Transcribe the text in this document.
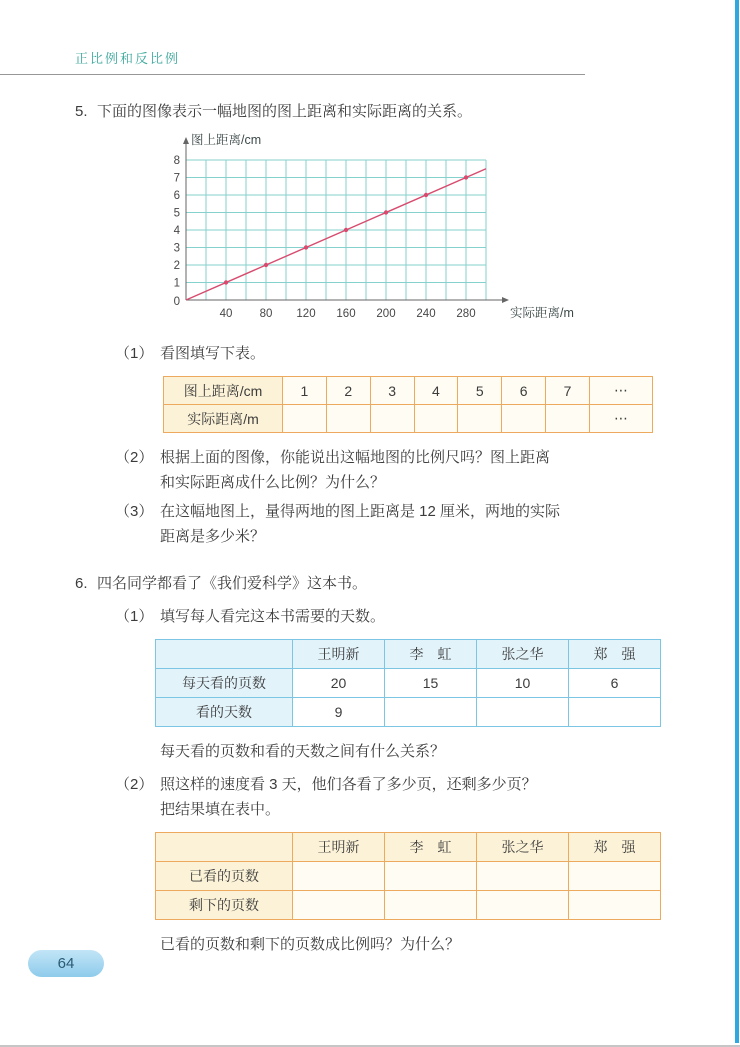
正比例和反比例
5. 下面的图像表示一幅地图的图上距离和实际距离的关系。
0
1
2
3
4
5
6
7
8
40 80 120 160 200 240 280
图上距离/cm
实际距离/m
（1） 看图填写下表。
图上距离/cm	1	2	3	4	5	6	7	⋯
实际距离/m								⋯
（2） 根据上面的图像，你能说出这幅地图的比例尺吗？图上距离
和实际距离成什么比例？为什么？
（3） 在这幅地图上，量得两地的图上距离是 12 厘米，两地的实际
距离是多少米？
6. 四名同学都看了《我们爱科学》这本书。
（1） 填写每人看完这本书需要的天数。
	王明新	李　虹	张之华	郑　强
每天看的页数	20	15	10	6
看的天数	9			
每天看的页数和看的天数之间有什么关系？
（2） 照这样的速度看 3 天，他们各看了多少页，还剩多少页？
把结果填在表中。
	王明新	李　虹	张之华	郑　强
已看的页数				
剩下的页数				
已看的页数和剩下的页数成比例吗？为什么？
64
